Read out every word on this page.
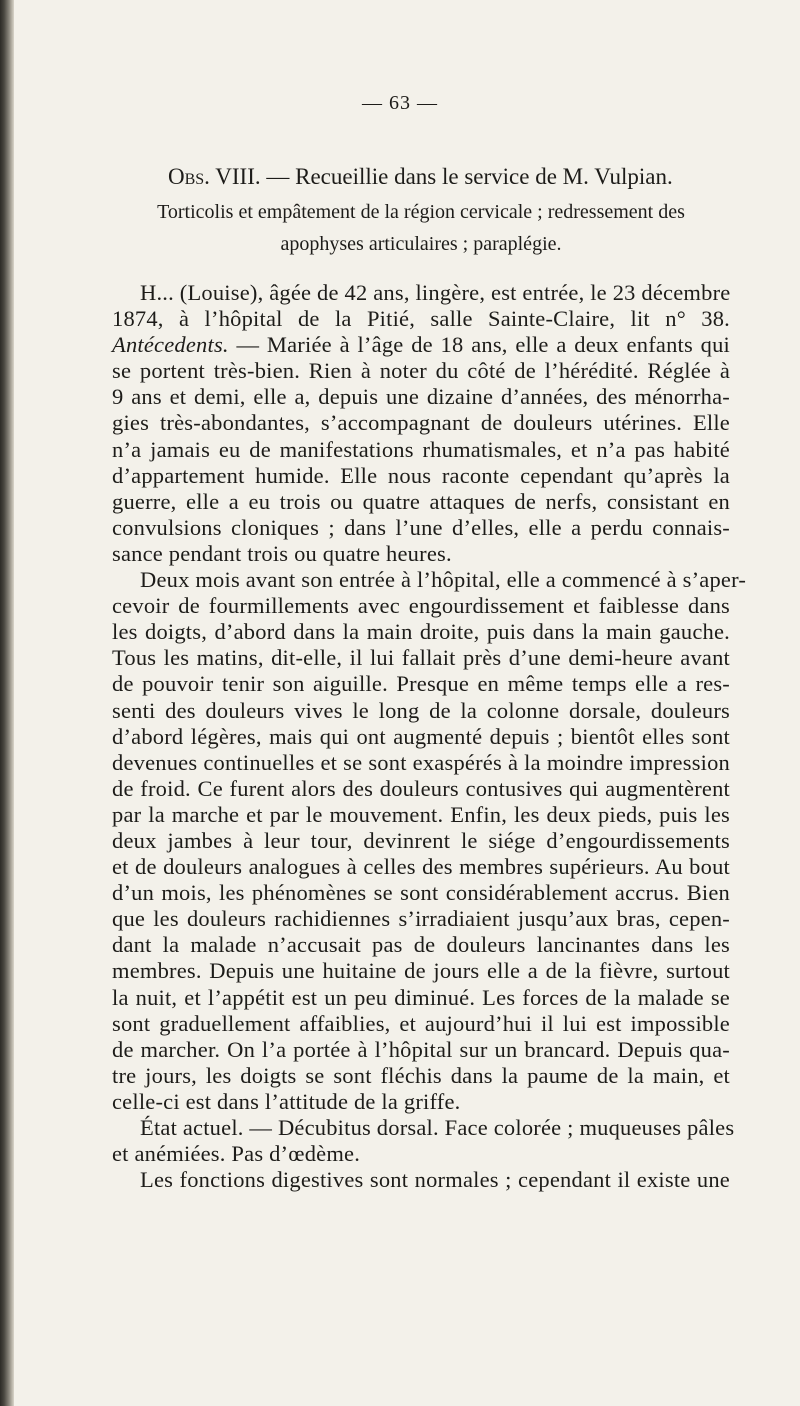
— 63 —
Obs. VIII. — Recueillie dans le service de M. Vulpian.
Torticolis et empâtement de la région cervicale ; redressement des
apophyses articulaires ; paraplégie.
H... (Louise), âgée de 42 ans, lingère, est entrée, le 23 décembre
1874, à l’hôpital de la Pitié, salle Sainte-Claire, lit n° 38.
Antécedents. — Mariée à l’âge de 18 ans, elle a deux enfants qui
se portent très-bien. Rien à noter du côté de l’hérédité. Réglée à
9 ans et demi, elle a, depuis une dizaine d’années, des ménorrha-
gies très-abondantes, s’accompagnant de douleurs utérines. Elle
n’a jamais eu de manifestations rhumatismales, et n’a pas habité
d’appartement humide. Elle nous raconte cependant qu’après la
guerre, elle a eu trois ou quatre attaques de nerfs, consistant en
convulsions cloniques ; dans l’une d’elles, elle a perdu connais-
sance pendant trois ou quatre heures.
Deux mois avant son entrée à l’hôpital, elle a commencé à s’aper-
cevoir de fourmillements avec engourdissement et faiblesse dans
les doigts, d’abord dans la main droite, puis dans la main gauche.
Tous les matins, dit-elle, il lui fallait près d’une demi-heure avant
de pouvoir tenir son aiguille. Presque en même temps elle a res-
senti des douleurs vives le long de la colonne dorsale, douleurs
d’abord légères, mais qui ont augmenté depuis ; bientôt elles sont
devenues continuelles et se sont exaspérés à la moindre impression
de froid. Ce furent alors des douleurs contusives qui augmentèrent
par la marche et par le mouvement. Enfin, les deux pieds, puis les
deux jambes à leur tour, devinrent le siége d’engourdissements
et de douleurs analogues à celles des membres supérieurs. Au bout
d’un mois, les phénomènes se sont considérablement accrus. Bien
que les douleurs rachidiennes s’irradiaient jusqu’aux bras, cepen-
dant la malade n’accusait pas de douleurs lancinantes dans les
membres. Depuis une huitaine de jours elle a de la fièvre, surtout
la nuit, et l’appétit est un peu diminué. Les forces de la malade se
sont graduellement affaiblies, et aujourd’hui il lui est impossible
de marcher. On l’a portée à l’hôpital sur un brancard. Depuis qua-
tre jours, les doigts se sont fléchis dans la paume de la main, et
celle-ci est dans l’attitude de la griffe.
État actuel. — Décubitus dorsal. Face colorée ; muqueuses pâles
et anémiées. Pas d’œdème.
Les fonctions digestives sont normales ; cependant il existe une
